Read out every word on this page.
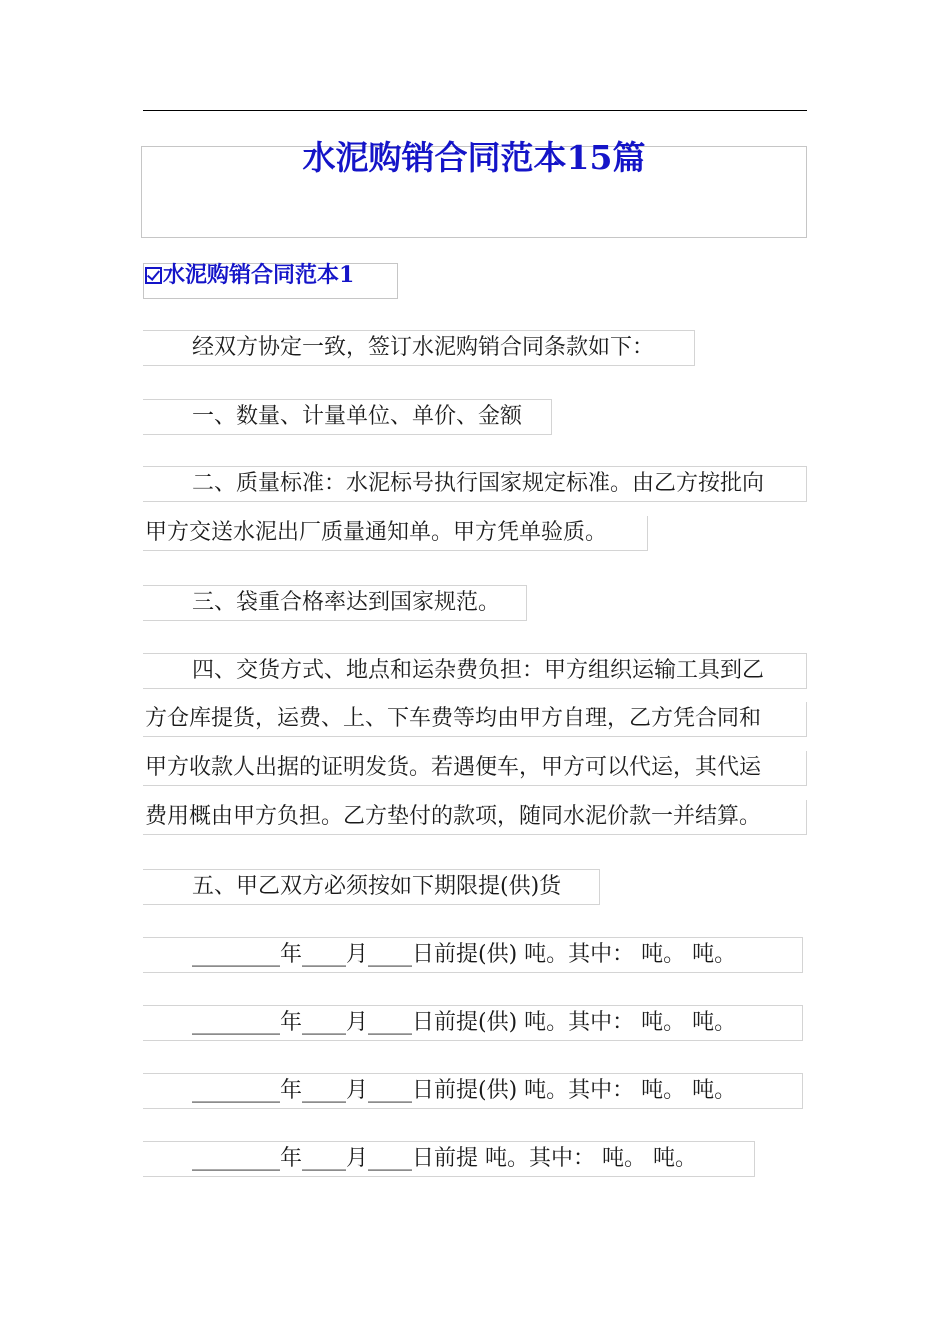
水泥购销合同范本15篇
水泥购销合同范本1
经双方协定一致，签订水泥购销合同条款如下：
一、数量、计量单位、单价、金额
二、质量标准：水泥标号执行国家规定标准。由乙方按批向
甲方交送水泥出厂质量通知单。甲方凭单验质。
三、袋重合格率达到国家规范。
四、交货方式、地点和运杂费负担：甲方组织运输工具到乙
方仓库提货，运费、上、下车费等均由甲方自理，乙方凭合同和
甲方收款人出据的证明发货。若遇便车，甲方可以代运，其代运
费用概由甲方负担。乙方垫付的款项，随同水泥价款一并结算。
五、甲乙双方必须按如下期限提(供)货
________年____月____日前提(供) 吨。其中： 吨。 吨。
________年____月____日前提(供) 吨。其中： 吨。 吨。
________年____月____日前提(供) 吨。其中： 吨。 吨。
________年____月____日前提 吨。其中： 吨。 吨。
